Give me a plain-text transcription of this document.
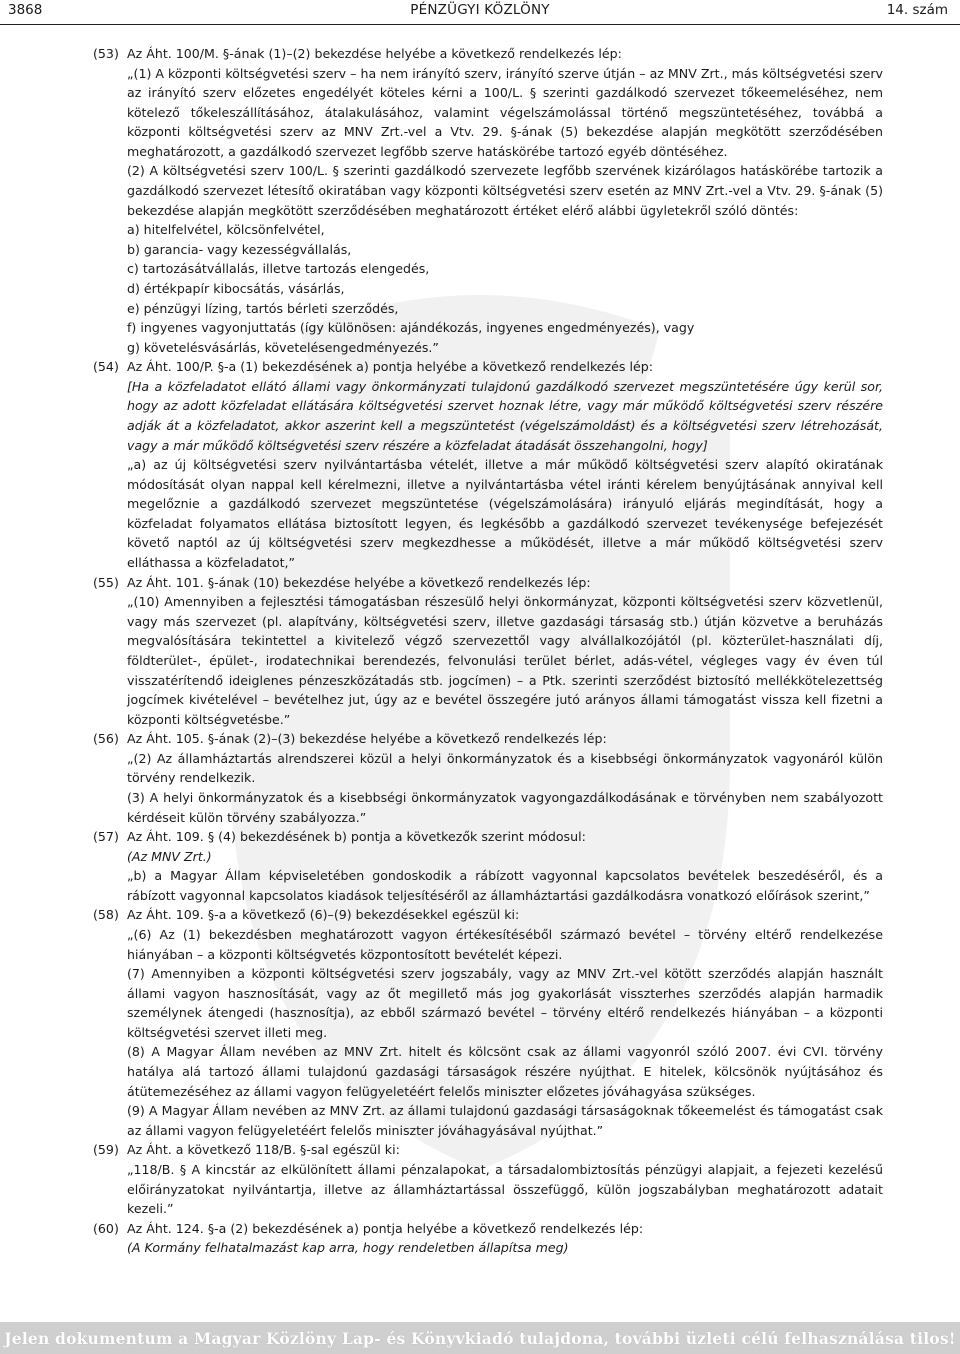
3868	PÉNZÜGYI KÖZLÖNY	14. szám
(53) Az Áht. 100/M. §-ának (1)–(2) bekezdése helyébe a következő rendelkezés lép:
„(1) A központi költségvetési szerv – ha nem irányító szerv, irányító szerve útján – az MNV Zrt., más költségvetési szerv az irányító szerv előzetes engedélyét köteles kérni a 100/L. § szerinti gazdálkodó szervezet tőkeemeléséhez, nem kötelező tőkeleszállításához, átalakulásához, valamint végelszámolással történő megszüntetéséhez, továbbá a központi költségvetési szerv az MNV Zrt.-vel a Vtv. 29. §-ának (5) bekezdése alapján megkötött szerződésében meghatározott, a gazdálkodó szervezet legfőbb szerve hatáskörébe tartozó egyéb döntéséhez.
(2) A költségvetési szerv 100/L. § szerinti gazdálkodó szervezete legfőbb szervének kizárólagos hatáskörébe tartozik a gazdálkodó szervezet létesítő okiratában vagy központi költségvetési szerv esetén az MNV Zrt.-vel a Vtv. 29. §-ának (5) bekezdése alapján megkötött szerződésében meghatározott értéket elérő alábbi ügyletekről szóló döntés:
a) hitelfelvétel, kölcsönfelvétel,
b) garancia- vagy kezességvállalás,
c) tartozásátvállalás, illetve tartozás elengedés,
d) értékpapír kibocsátás, vásárlás,
e) pénzügyi lízing, tartós bérleti szerződés,
f) ingyenes vagyonjuttatás (így különösen: ajándékozás, ingyenes engedményezés), vagy
g) követelésvásárlás, követelésengedményezés.”
(54) Az Áht. 100/P. §-a (1) bekezdésének a) pontja helyébe a következő rendelkezés lép:
[Ha a közfeladatot ellátó állami vagy önkormányzati tulajdonú gazdálkodó szervezet megszüntetésére úgy kerül sor, hogy az adott közfeladat ellátására költségvetési szervet hoznak létre, vagy már működő költségvetési szerv részére adják át a közfeladatot, akkor aszerint kell a megszüntetést (végelszámoldást) és a költségvetési szerv létrehozását, vagy a már működő költségvetési szerv részére a közfeladat átadását összehangolni, hogy]
„a) az új költségvetési szerv nyilvántartásba vételét, illetve a már működő költségvetési szerv alapító okiratának módosítását olyan nappal kell kérelmezni, illetve a nyilvántartásba vétel iránti kérelem benyújtásának annyival kell megelőznie a gazdálkodó szervezet megszüntetése (végelszámolására) irányuló eljárás megindítását, hogy a közfeladat folyamatos ellátása biztosított legyen, és legkésőbb a gazdálkodó szervezet tevékenysége befejezését követő naptól az új költségvetési szerv megkezdhesse a működését, illetve a már működő költségvetési szerv elláthassa a közfeladatot,”
(55) Az Áht. 101. §-ának (10) bekezdése helyébe a következő rendelkezés lép:
„(10) Amennyiben a fejlesztési támogatásban részesülő helyi önkormányzat, központi költségvetési szerv közvetlenül, vagy más szervezet (pl. alapítvány, költségvetési szerv, illetve gazdasági társaság stb.) útján közvetve a beruházás megvalósítására tekintettel a kivitelező végző szervezettől vagy alvállalkozójától (pl. közterület-használati díj, földterület-, épület-, irodatechnikai berendezés, felvonulási terület bérlet, adás-vétel, végleges vagy év éven túl visszatérítendő ideiglenes pénzeszközátadás stb. jogcímen) – a Ptk. szerinti szerződést biztosító mellékkötelezettség jogcímek kivételével – bevételhez jut, úgy az e bevétel összegére jutó arányos állami támogatást vissza kell fizetni a központi költségvetésbe.”
(56) Az Áht. 105. §-ának (2)–(3) bekezdése helyébe a következő rendelkezés lép:
„(2) Az államháztartás alrendszerei közül a helyi önkormányzatok és a kisebbségi önkormányzatok vagyonáról külön törvény rendelkezik.
(3) A helyi önkormányzatok és a kisebbségi önkormányzatok vagyongazdálkodásának e törvényben nem szabályozott kérdéseit külön törvény szabályozza.”
(57) Az Áht. 109. § (4) bekezdésének b) pontja a következők szerint módosul:
(Az MNV Zrt.)
„b) a Magyar Állam képviseletében gondoskodik a rábízott vagyonnal kapcsolatos bevételek beszedéséről, és a rábízott vagyonnal kapcsolatos kiadások teljesítéséről az államháztartási gazdálkodásra vonatkozó előírások szerint,”
(58) Az Áht. 109. §-a a következő (6)–(9) bekezdésekkel egészül ki:
„(6) Az (1) bekezdésben meghatározott vagyon értékesítéséből származó bevétel – törvény eltérő rendelkezése hiányában – a központi költségvetés központosított bevételét képezi.
(7) Amennyiben a központi költségvetési szerv jogszabály, vagy az MNV Zrt.-vel kötött szerződés alapján használt állami vagyon hasznosítását, vagy az őt megillető más jog gyakorlását visszterhes szerződés alapján harmadik személynek átengedi (hasznosítja), az ebből származó bevétel – törvény eltérő rendelkezés hiányában – a központi költségvetési szervet illeti meg.
(8) A Magyar Állam nevében az MNV Zrt. hitelt és kölcsönt csak az állami vagyonról szóló 2007. évi CVI. törvény hatálya alá tartozó állami tulajdonú gazdasági társaságok részére nyújthat. E hitelek, kölcsönök nyújtásához és átütemezéséhez az állami vagyon felügyeletéért felelős miniszter előzetes jóváhagyása szükséges.
(9) A Magyar Állam nevében az MNV Zrt. az állami tulajdonú gazdasági társaságoknak tőkeemelést és támogatást csak az állami vagyon felügyeletéért felelős miniszter jóváhagyásával nyújthat.”
(59) Az Áht. a következő 118/B. §-sal egészül ki:
„118/B. § A kincstár az elkülönített állami pénzalapokat, a társadalombiztosítás pénzügyi alapjait, a fejezeti kezelésű előirányzatokat nyilvántartja, illetve az államháztartással összefüggő, külön jogszabályban meghatározott adatait kezeli.”
(60) Az Áht. 124. §-a (2) bekezdésének a) pontja helyébe a következő rendelkezés lép:
(A Kormány felhatalmazást kap arra, hogy rendeletben állapítsa meg)
Jelen dokumentum a Magyar Közlöny Lap- és Könyvkiadó tulajdona, további üzleti célú felhasználása tilos!
